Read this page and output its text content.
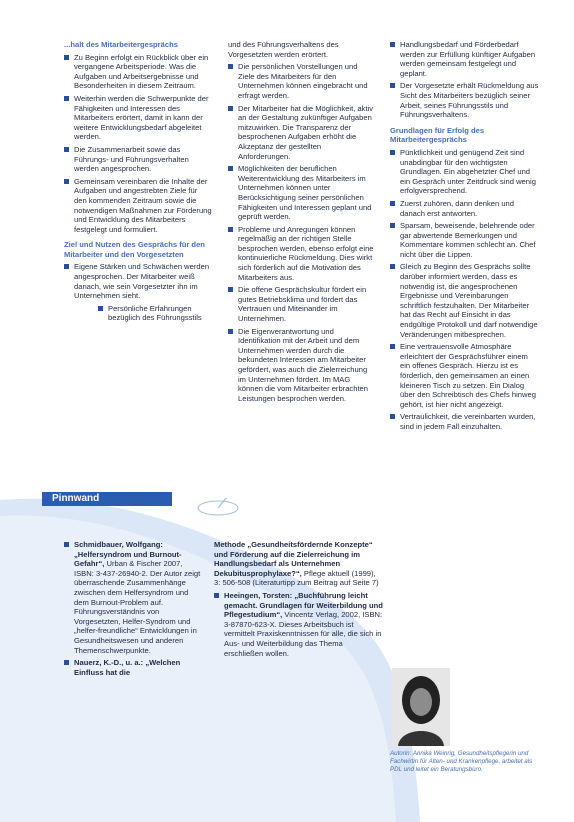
...halt des Mitarbeitergesprächs
Zu Beginn erfolgt ein Rückblick über ein vergangene Arbeitsperiode. Was die Aufgaben und Arbeitsergebnisse und Besonderheiten in diesem Zeitraum.
Weiterhin werden die Schwerpunkte der Fähigkeiten und Interessen des Mitarbeiters erörtert, damit in kann der weitere Entwicklungsbedarf abgeleitet werden.
Die Zusammenarbeit sowie das Führungs- und Führungsverhalten werden angesprochen.
Gemeinsam vereinbaren die Inhalte der Aufgaben und angestrebten Ziele für den kommenden Zeitraum sowie die notwendigen Maßnahmen zur Förderung und Entwicklung des Mitarbeiters festgelegt und formuliert.
Ziel und Nutzen des Gesprächs für den Mitarbeiter und den Vorgesetzten
Eigene Stärken und Schwächen werden angesprochen. Der Mitarbeiter weiß danach, wie sein Vorgesetzter ihn im Unternehmen sieht.
Persönliche Erfahrungen bezüglich des Führungsstils
und des Führungsverhaltens des Vorgesetzten werden erörtert.
Die persönlichen Vorstellungen und Ziele des Mitarbeiters für den Unternehmen können eingebracht und erfragt werden.
Der Mitarbeiter hat die Möglichkeit, aktiv an der Gestaltung zukünftiger Aufgaben mitzuwirken. Die Transparenz der besprochenen Aufgaben erhöht die Akzeptanz der gestellten Anforderungen.
Möglichkeiten der beruflichen Weiterentwicklung des Mitarbeiters im Unternehmen können unter Berücksichtigung seiner persönlichen Fähigkeiten und Interessen geplant und geprüft werden.
Probleme und Anregungen können regelmäßig an der richtigen Stelle besprochen werden, ebenso erfolgt eine kontinuierliche Rückmeldung. Dies wirkt sich förderlich auf die Motivation des Mitarbeiters aus.
Die offene Gesprächskultur fördert ein gutes Betriebsklima und fördert das Vertrauen und Miteinander im Unternehmen.
Die Eigenverantwortung und Identifikation mit der Arbeit und dem Unternehmen werden durch die bekundeten Interessen am Mitarbeiter gefördert, was auch die Zielerreichung im Unternehmen fördert. Im MAG können die vom Mitarbeiter erbrachten Leistungen besprochen werden.
Handlungsbedarf und Förderbedarf werden zur Erfüllung künftiger Aufgaben werden gemeinsam festgelegt und geplant.
Der Vorgesetzte erhält Rückmeldung aus Sicht des Mitarbeiters bezüglich seiner Arbeit, seines Führungsstils und Führungsverhaltens.
Grundlagen für Erfolg des Mitarbeitergesprächs
Pünktlichkeit und genügend Zeit sind unabdingbar für den wichtigsten Grundlagen. Ein abgehetzter Chef und ein Gespräch unter Zeitdruck sind wenig erfolgversprechend.
Zuerst zuhören, dann denken und danach erst antworten.
Sparsam, beweisende, belehrende oder gar abwertende Bemerkungen und Kommentare kommen schlecht an. Chef nicht über die Lippen.
Gleich zu Beginn des Gesprächs sollte darüber informiert werden, dass es notwendig ist, die angesprochenen Ergebnisse und Vereinbarungen schriftlich festzuhalten. Der Mitarbeiter hat das Recht auf Einsicht in das endgültige Protokoll und darf notwendige Veränderungen mitbesprechen.
Eine vertrauensvolle Atmosphäre erleichtert der Gesprächsführer einem ein offenes Gespräch. Hierzu ist es förderlich, den gemeinsamen an einen kleineren Tisch zu setzen. Ein Dialog über den Schreibtisch des Chefs hinweg gehört, ist hier nicht angezeigt.
Vertraulichkeit, die vereinbarten wurden, sind in jedem Fall einzuhalten.
Pinnwand
Schmidbauer, Wolfgang: „Helfersyndrom und Burnout-Gefahr“, Urban & Fischer 2007, ISBN: 3-437-26940-2. Der Autor zeigt überraschende Zusammenhänge zwischen dem Helfersyndrom und dem Burnout-Problem auf. Führungsverständnis von Vorgesetzten, Helfer-Syndrom und „helfer-freundliche“ Entwicklungen in Gesundheitswesen und anderen Themenschwerpunkte.
Nauerz, K.-D., u. a.: „Welchen Einfluss hat die
Methode „Gesundheitsfördernde Konzepte“ und Förderung auf die Zielerreichung im Handlungsbedarf als Unternehmen Dekubitusprophylaxe?“, Pflege aktuell (1999), 3: 506-508 (Literaturtipp zum Beitrag auf Seite 7)
Heeingen, Torsten: „Buchführung leicht gemacht. Grundlagen für Weiterbildung und Pflegestudium“, Vincentz Verlag, 2002, ISBN: 3-87870-623-X. Dieses Arbeitsbuch ist vermittelt Praxiskenntnissen für alle, die sich in Aus- und Weiterbildung das Thema erschließen wollen.
Autorin: Annika Weinrig, Gesundheitspflegerin und Fachwirtin für Alten- und Krankenpflege, arbeitet als PDL und leitet ein Beratungsbüro.
